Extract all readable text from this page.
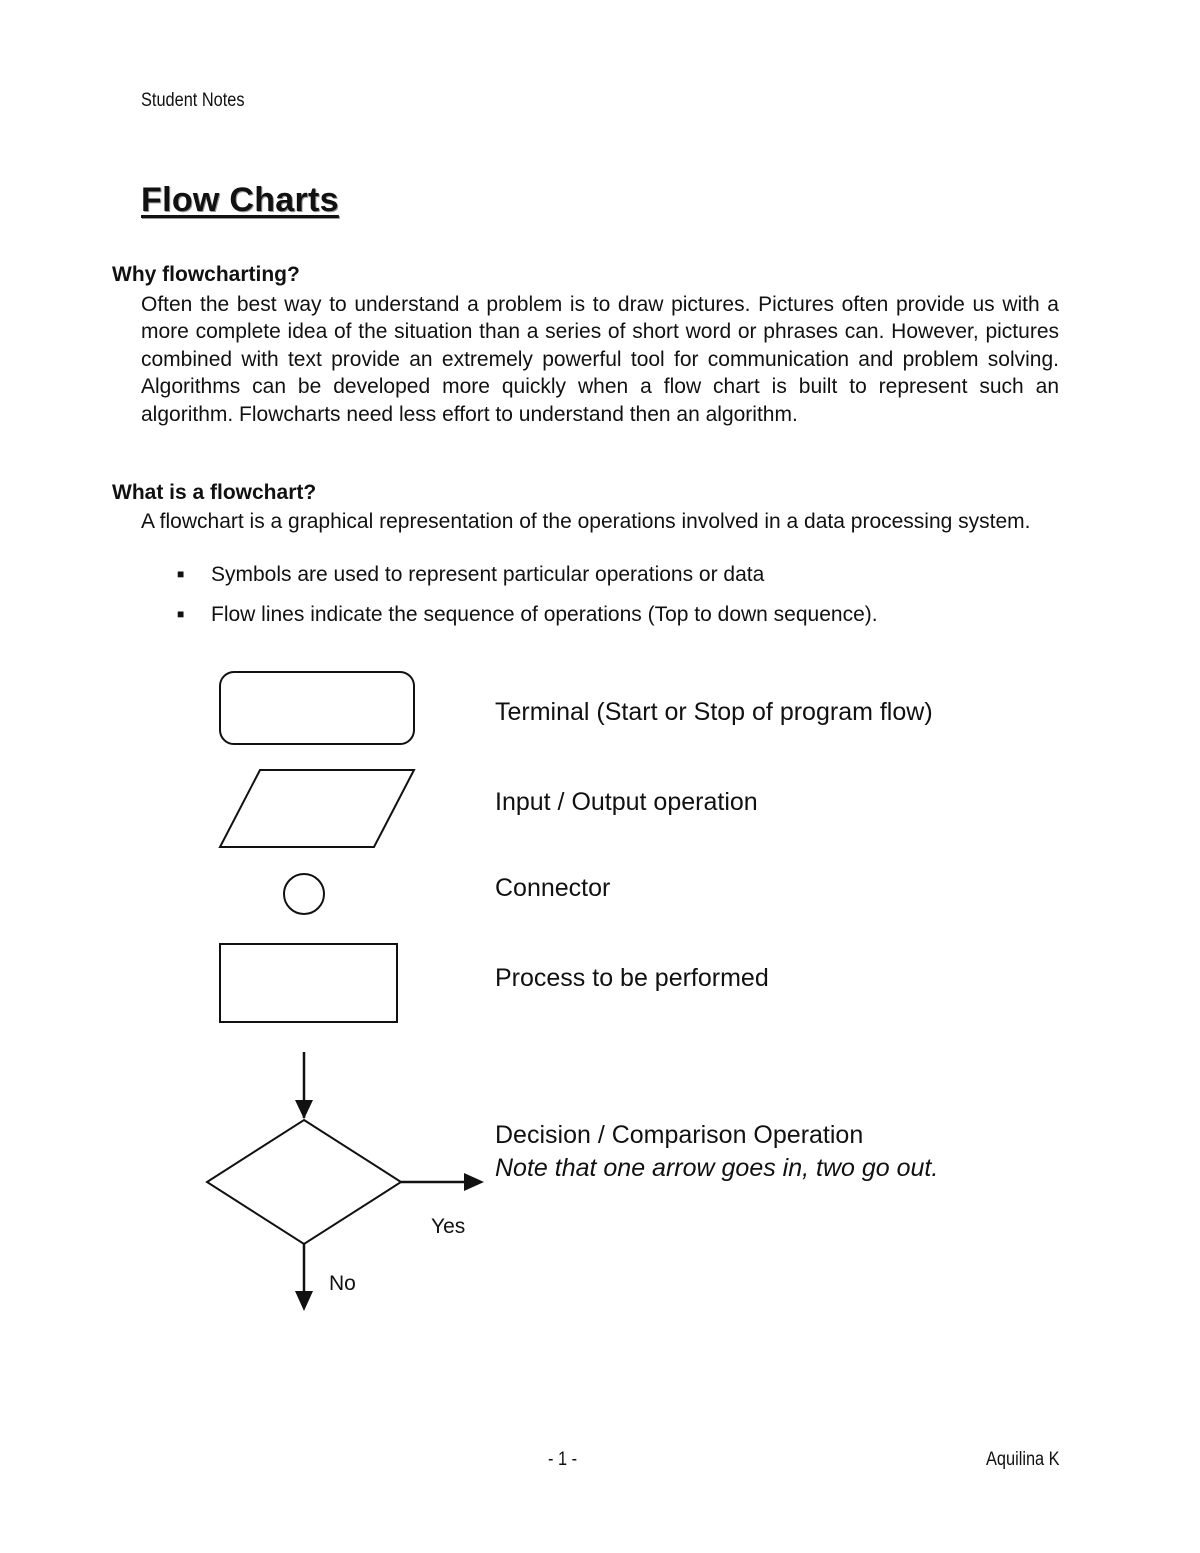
Student Notes
Flow Charts
Why flowcharting?
Often the best way to understand a problem is to draw pictures. Pictures often provide us with a more complete idea of the situation than a series of short word or phrases can. However, pictures combined with text provide an extremely powerful tool for communication and problem solving. Algorithms can be developed more quickly when a flow chart is built to represent such an algorithm. Flowcharts need less effort to understand then an algorithm.
What is a flowchart?
A flowchart is a graphical representation of the operations involved in a data processing system.
■	Symbols are used to represent particular operations or data
■	Flow lines indicate the sequence of operations (Top to down sequence).
Terminal (Start or Stop of program flow)
Input / Output operation
Connector
Process to be performed
Decision / Comparison Operation
Note that one arrow goes in, two go out.
Yes
No
- 1 -	Aquilina K
